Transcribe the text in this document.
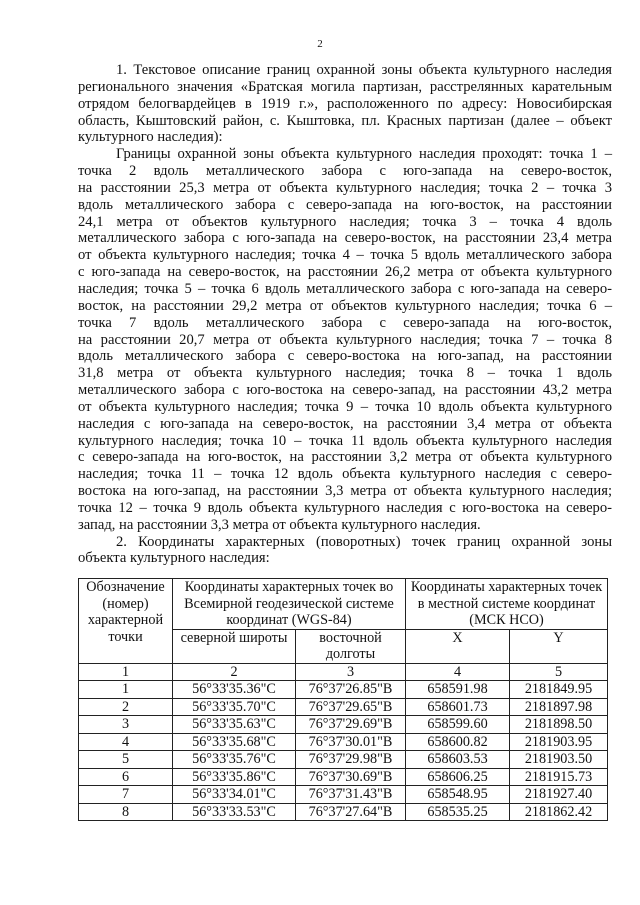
2
1. Текстовое описание границ охранной зоны объекта культурного наследия
регионального значения «Братская могила партизан, расстрелянных карательным
отрядом белогвардейцев в 1919 г.», расположенного по адресу: Новосибирская
область, Кыштовский район, с. Кыштовка, пл. Красных партизан (далее – объект
культурного наследия):
Границы охранной зоны объекта культурного наследия проходят: точка 1 –
точка 2 вдоль металлического забора с юго-запада на северо-восток,
на расстоянии 25,3 метра от объекта культурного наследия; точка 2 – точка 3
вдоль металлического забора с северо-запада на юго-восток, на расстоянии
24,1 метра от объектов культурного наследия; точка 3 – точка 4 вдоль
металлического забора с юго-запада на северо-восток, на расстоянии 23,4 метра
от объекта культурного наследия; точка 4 – точка 5 вдоль металлического забора
с юго-запада на северо-восток, на расстоянии 26,2 метра от объекта культурного
наследия; точка 5 – точка 6 вдоль металлического забора с юго-запада на северо-
восток, на расстоянии 29,2 метра от объектов культурного наследия; точка 6 –
точка 7 вдоль металлического забора с северо-запада на юго-восток,
на расстоянии 20,7 метра от объекта культурного наследия; точка 7 – точка 8
вдоль металлического забора с северо-востока на юго-запад, на расстоянии
31,8 метра от объекта культурного наследия; точка 8 – точка 1 вдоль
металлического забора с юго-востока на северо-запад, на расстоянии 43,2 метра
от объекта культурного наследия; точка 9 – точка 10 вдоль объекта культурного
наследия с юго-запада на северо-восток, на расстоянии 3,4 метра от объекта
культурного наследия; точка 10 – точка 11 вдоль объекта культурного наследия
с северо-запада на юго-восток, на расстоянии 3,2 метра от объекта культурного
наследия; точка 11 – точка 12 вдоль объекта культурного наследия с северо-
востока на юго-запад, на расстоянии 3,3 метра от объекта культурного наследия;
точка 12 – точка 9 вдоль объекта культурного наследия с юго-востока на северо-
запад, на расстоянии 3,3 метра от объекта культурного наследия.
2. Координаты характерных (поворотных) точек границ охранной зоны
объекта культурного наследия:
Обозначение (номер) характерной точки	Координаты характерных точек во Всемирной геодезической системе координат (WGS-84)		Координаты характерных точек в местной системе координат (МСК НСО)	
	северной широты	восточной долготы	X	Y
1	2	3	4	5
1	56°33'35.36"С	76°37'26.85"В	658591.98	2181849.95
2	56°33'35.70"С	76°37'29.65"В	658601.73	2181897.98
3	56°33'35.63"С	76°37'29.69"В	658599.60	2181898.50
4	56°33'35.68"С	76°37'30.01"В	658600.82	2181903.95
5	56°33'35.76"С	76°37'29.98"В	658603.53	2181903.50
6	56°33'35.86"С	76°37'30.69"В	658606.25	2181915.73
7	56°33'34.01"С	76°37'31.43"В	658548.95	2181927.40
8	56°33'33.53"С	76°37'27.64"В	658535.25	2181862.42
